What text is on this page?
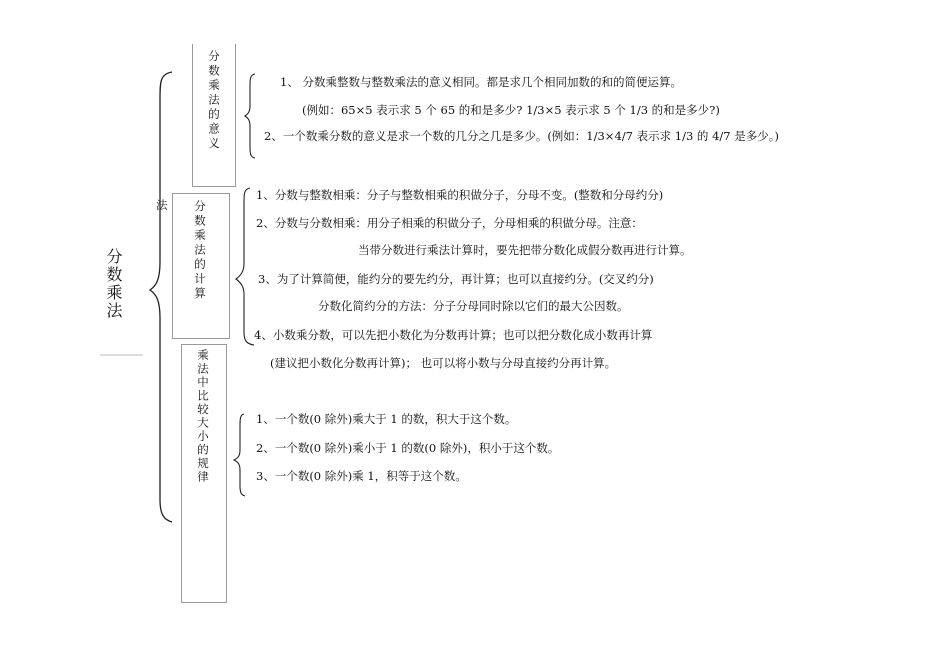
分数乘法
法
分数乘法的意义
分数乘法的计算
乘法中比较大小的规律
1、 分数乘整数与整数乘法的意义相同。都是求几个相同加数的和的简便运算。
(例如：65×5 表示求 5 个 65 的和是多少? 1/3×5 表示求 5 个 1/3 的和是多少?)
2、一个数乘分数的意义是求一个数的几分之几是多少。(例如：1/3×4/7 表示求 1/3 的 4/7 是多少。)
1、分数与整数相乘：分子与整数相乘的积做分子，分母不变。(整数和分母约分)
2、分数与分数相乘：用分子相乘的积做分子，分母相乘的积做分母。注意：
当带分数进行乘法计算时，要先把带分数化成假分数再进行计算。
3、为了计算简便，能约分的要先约分，再计算；也可以直接约分。(交叉约分)
分数化简约分的方法：分子分母同时除以它们的最大公因数。
4、小数乘分数，可以先把小数化为分数再计算；也可以把分数化成小数再计算
(建议把小数化分数再计算)； 也可以将小数与分母直接约分再计算。
1、一个数(0 除外)乘大于 1 的数，积大于这个数。
2、一个数(0 除外)乘小于 1 的数(0 除外)，积小于这个数。
3、一个数(0 除外)乘 1，积等于这个数。
